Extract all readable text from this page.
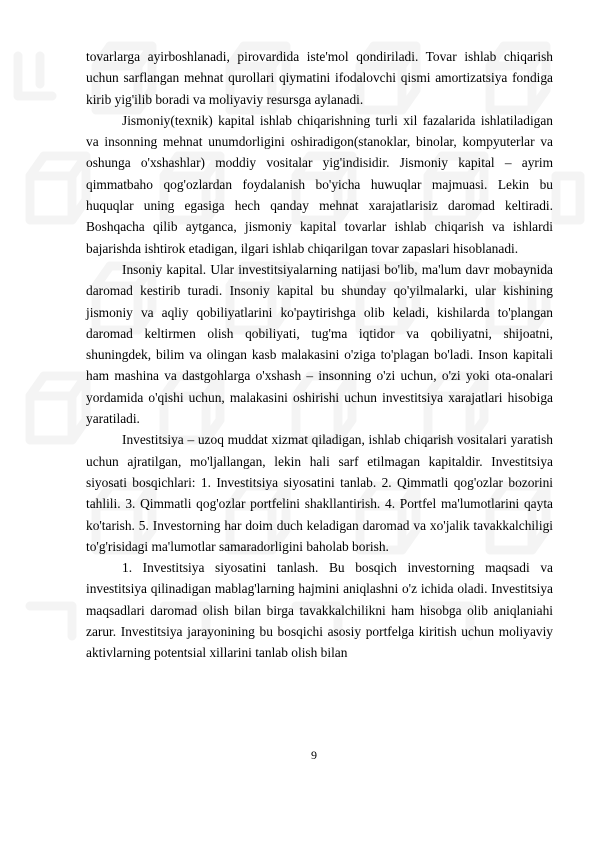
tovarlarga ayirboshlanadi, pirovardida iste'mol qondiriladi. Tovar ishlab chiqarish uchun sarflangan mehnat qurollari qiymatini ifodalovchi qismi amortizatsiya fondiga kirib yig'ilib boradi va moliyaviy resursga aylanadi.

Jismoniy(texnik) kapital ishlab chiqarishning turli xil fazalarida ishlatiladigan va insonning mehnat unumdorligini oshiradigon(stanoklar, binolar, kompyuterlar va oshunga o'xshashlar) moddiy vositalar yig'indisidir. Jismoniy kapital – ayrim qimmatbaho qog'ozlardan foydalanish bo'yicha huwuqlar majmuasi. Lekin bu huquqlar uning egasiga hech qanday mehnat xarajatlarisiz daromad keltiradi. Boshqacha qilib aytganca, jismoniy kapital tovarlar ishlab chiqarish va ishlardi bajarishda ishtirok etadigan, ilgari ishlab chiqarilgan tovar zapaslari hisoblanadi.

Insoniy kapital. Ular investitsiyalarning natijasi bo'lib, ma'lum davr mobaynida daromad kestirib turadi. Insoniy kapital bu shunday qo'yilmalarki, ular kishining jismoniy va aqliy qobiliyatlarini ko'paytirishga olib keladi, kishilarda to'plangan daromad keltirmen olish qobiliyati, tug'ma iqtidor va qobiliyatni, shijoatni, shuningdek, bilim va olingan kasb malakasini o'ziga to'plagan bo'ladi. Inson kapitali ham mashina va dastgohlarga o'xshash – insonning o'zi uchun, o'zi yoki ota-onalari yordamida o'qishi uchun, malakasini oshirishi uchun investitsiya xarajatlari hisobiga yaratiladi.

Investitsiya – uzoq muddat xizmat qiladigan, ishlab chiqarish vositalari yaratish uchun ajratilgan, mo'ljallangan, lekin hali sarf etilmagan kapitaldir. Investitsiya siyosati bosqichlari: 1. Investitsiya siyosatini tanlab. 2. Qimmatli qog'ozlar bozorini tahlili. 3. Qimmatli qog'ozlar portfelini shakllantirish. 4. Portfel ma'lumotlarini qayta ko'tarish. 5. Investorning har doim duch keladigan daromad va xo'jalik tavakkalchiligi to'g'risidagi ma'lumotlar samaradorligini baholab borish.

1. Investitsiya siyosatini tanlash. Bu bosqich investorning maqsadi va investitsiya qilinadigan mablag'larning hajmini aniqlashni o'z ichida oladi. Investitsiya maqsadlari daromad olish bilan birga tavakkalchilikni ham hisobga olib aniqlaniahi zarur. Investitsiya jarayonining bu bosqichi asosiy portfelga kiritish uchun moliyaviy aktivlarning potentsial xillarini tanlab olish bilan

9
